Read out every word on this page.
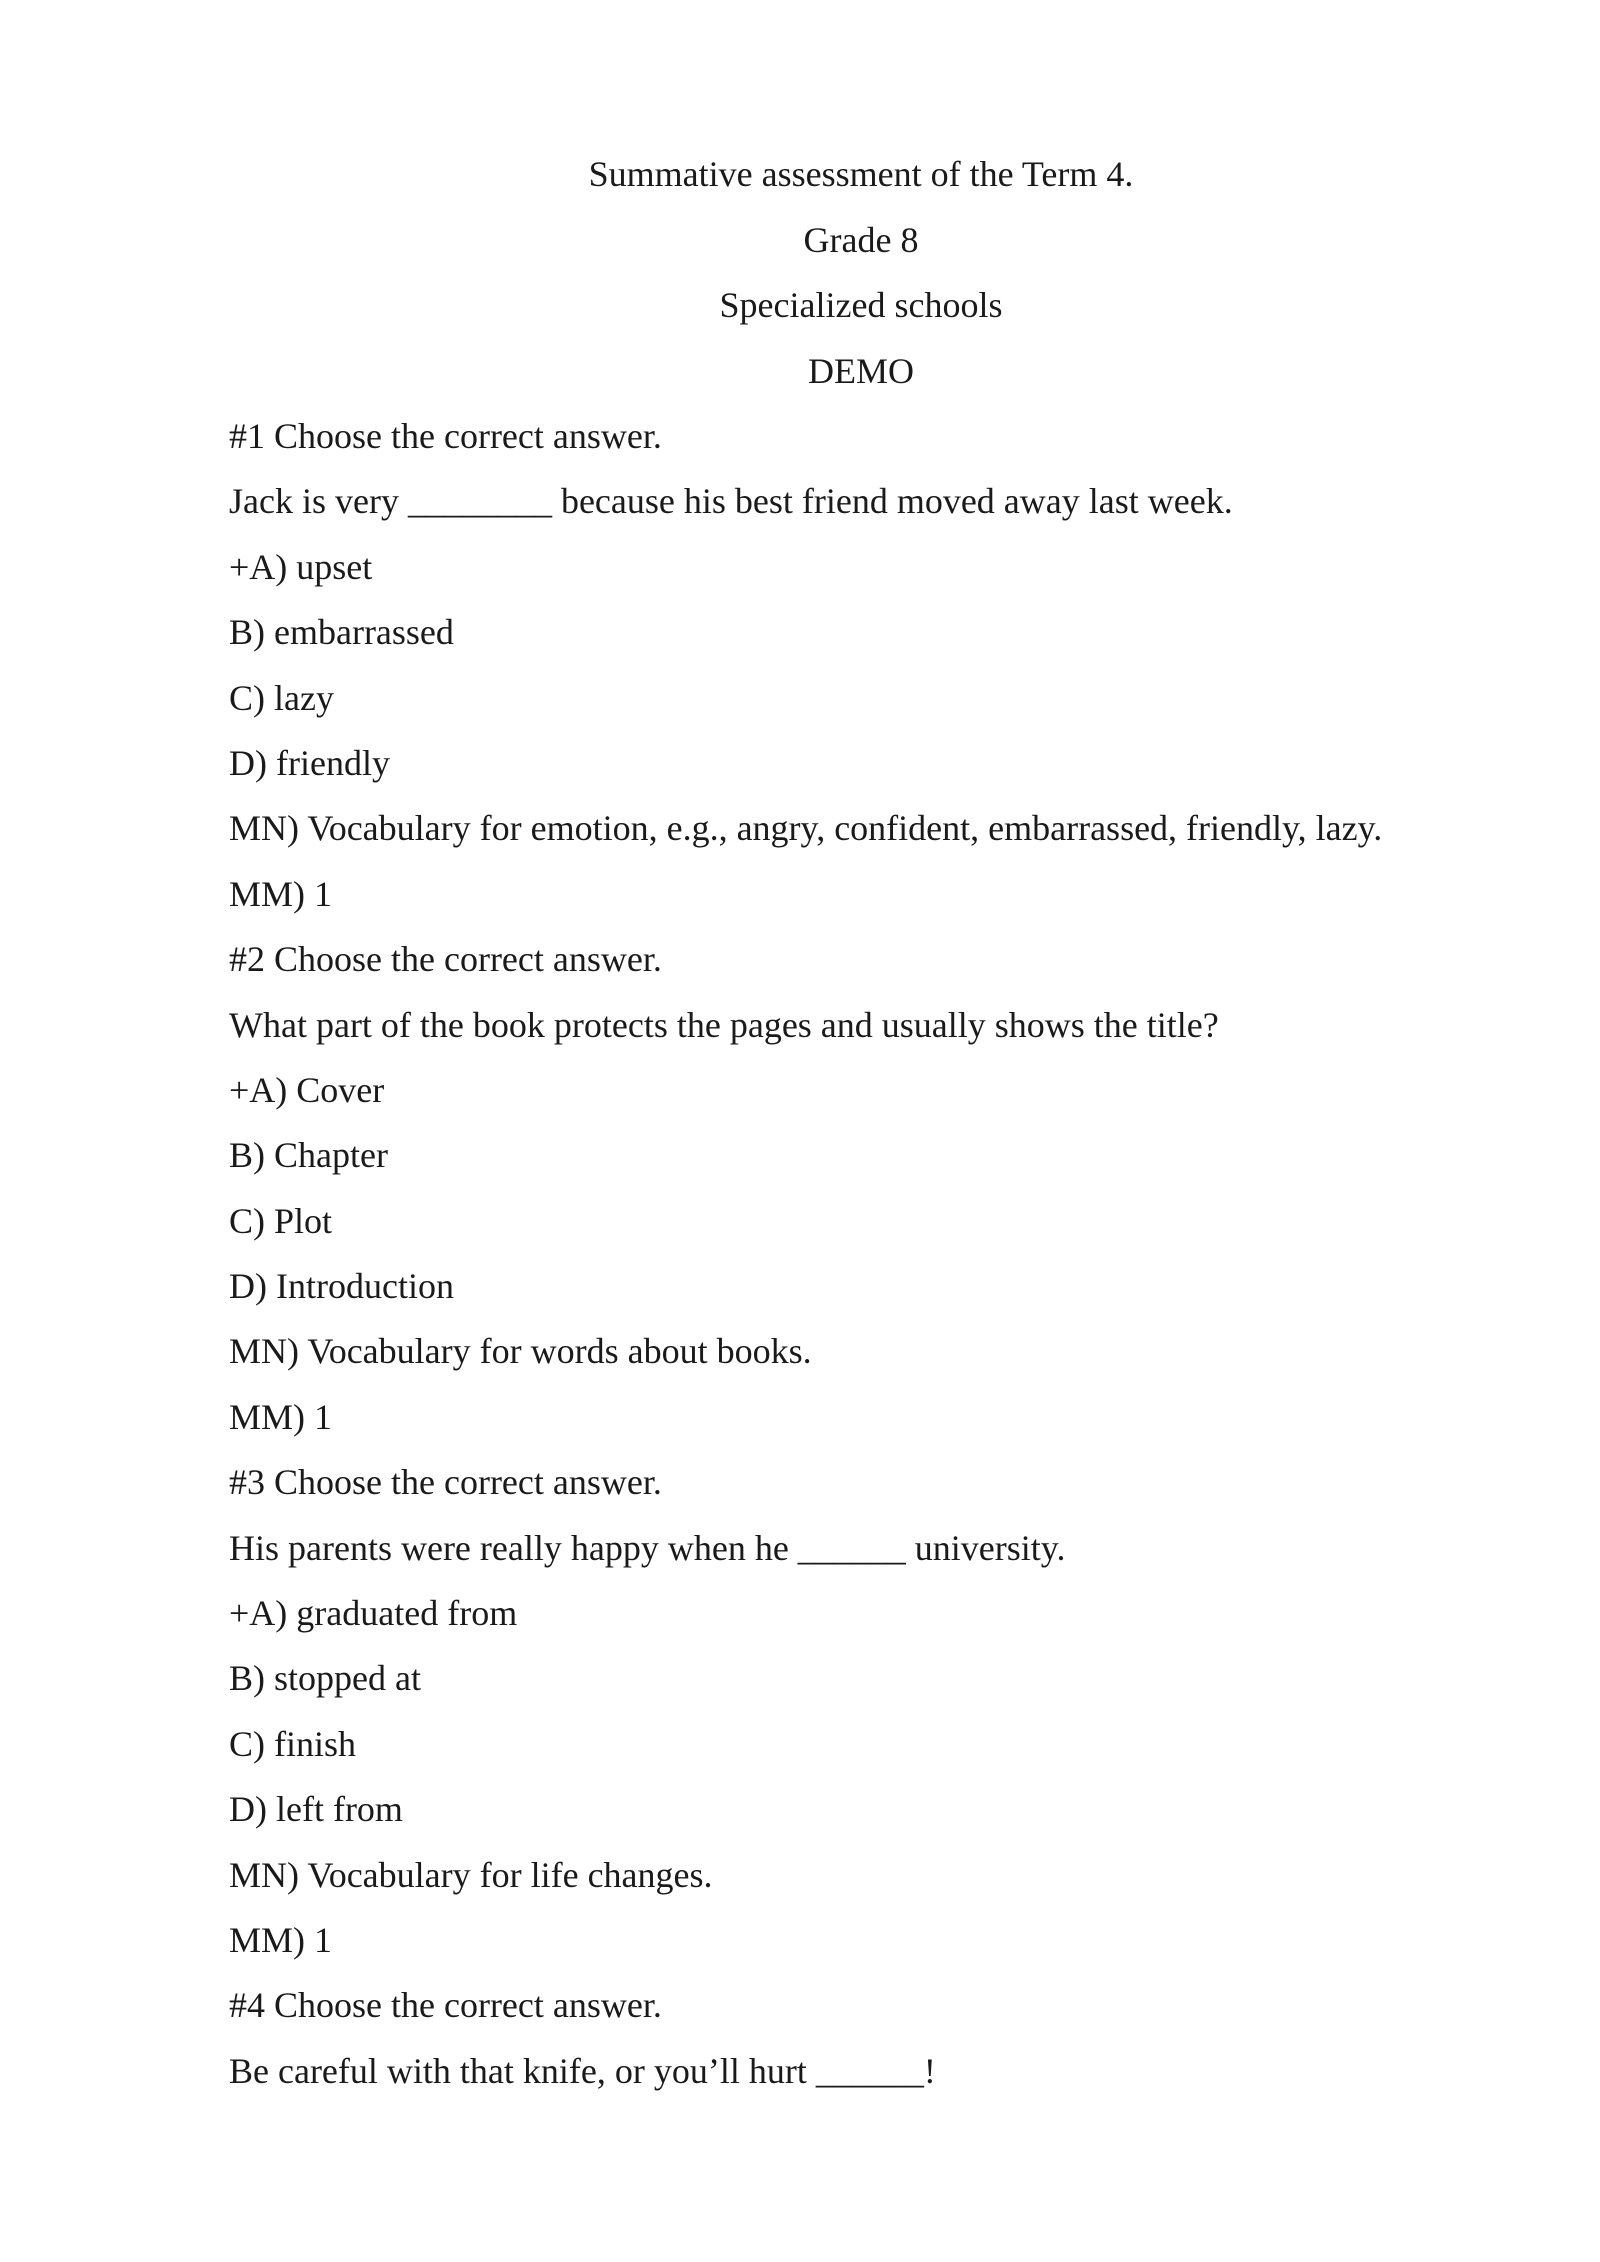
Summative assessment of the Term 4.
Grade 8
Specialized schools
DEMO
#1 Choose the correct answer.
Jack is very ________ because his best friend moved away last week.
+A) upset
B) embarrassed
C) lazy
D) friendly
MN) Vocabulary for emotion, e.g., angry, confident, embarrassed, friendly, lazy.
MM) 1
#2 Choose the correct answer.
What part of the book protects the pages and usually shows the title?
+A) Cover
B) Chapter
C) Plot
D) Introduction
MN) Vocabulary for words about books.
MM) 1
#3 Choose the correct answer.
His parents were really happy when he ______ university.
+A) graduated from
B) stopped at
C) finish
D) left from
MN) Vocabulary for life changes.
MM) 1
#4 Choose the correct answer.
Be careful with that knife, or you’ll hurt ______!
